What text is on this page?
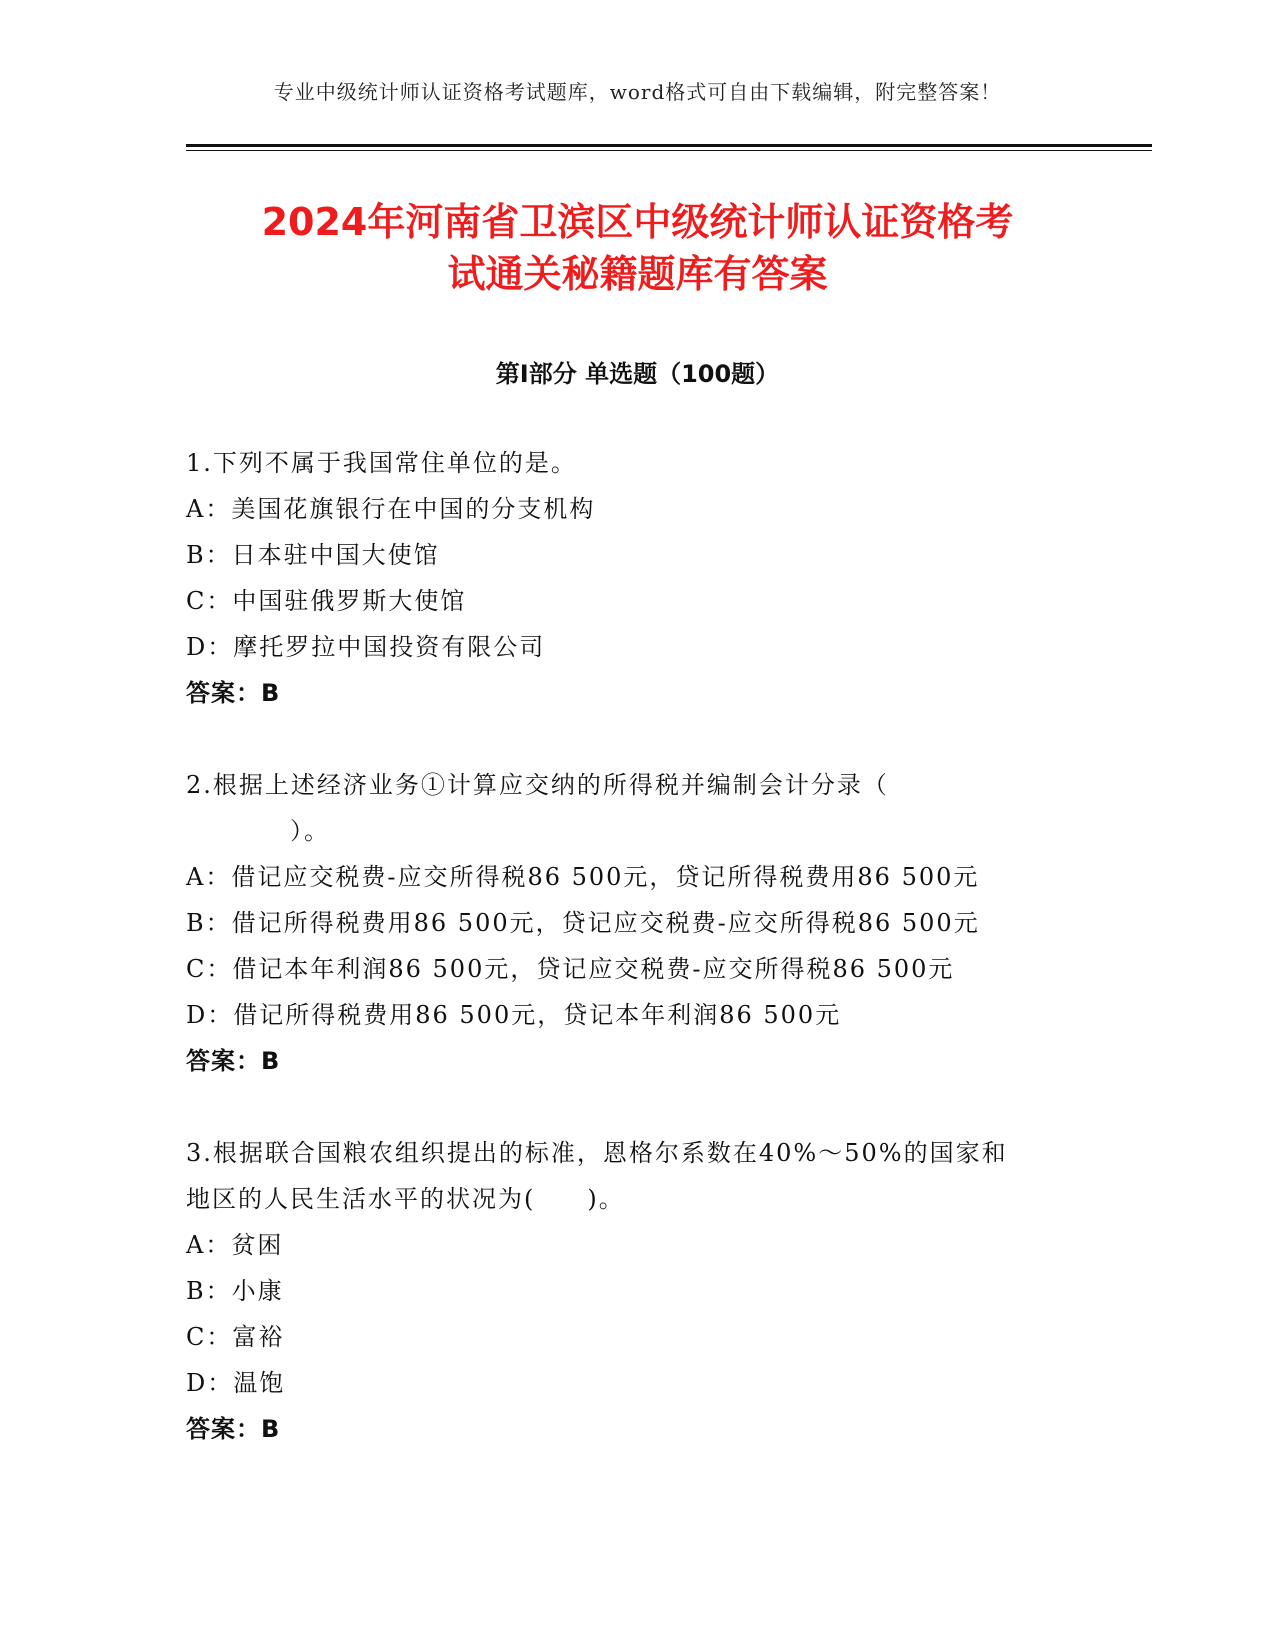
专业中级统计师认证资格考试题库，word格式可自由下载编辑，附完整答案！
2024年河南省卫滨区中级统计师认证资格考
试通关秘籍题库有答案
第Ⅰ部分 单选题（100题）
1.下列不属于我国常住单位的是。
A：美国花旗银行在中国的分支机构
B：日本驻中国大使馆
C：中国驻俄罗斯大使馆
D：摩托罗拉中国投资有限公司
答案：B
2.根据上述经济业务①计算应交纳的所得税并编制会计分录（
　　　　）。
A：借记应交税费-应交所得税86 500元，贷记所得税费用86 500元
B：借记所得税费用86 500元，贷记应交税费-应交所得税86 500元
C：借记本年利润86 500元，贷记应交税费-应交所得税86 500元
D：借记所得税费用86 500元，贷记本年利润86 500元
答案：B
3.根据联合国粮农组织提出的标准，恩格尔系数在40%～50%的国家和
地区的人民生活水平的状况为(　　)。
A：贫困
B：小康
C：富裕
D：温饱
答案：B
